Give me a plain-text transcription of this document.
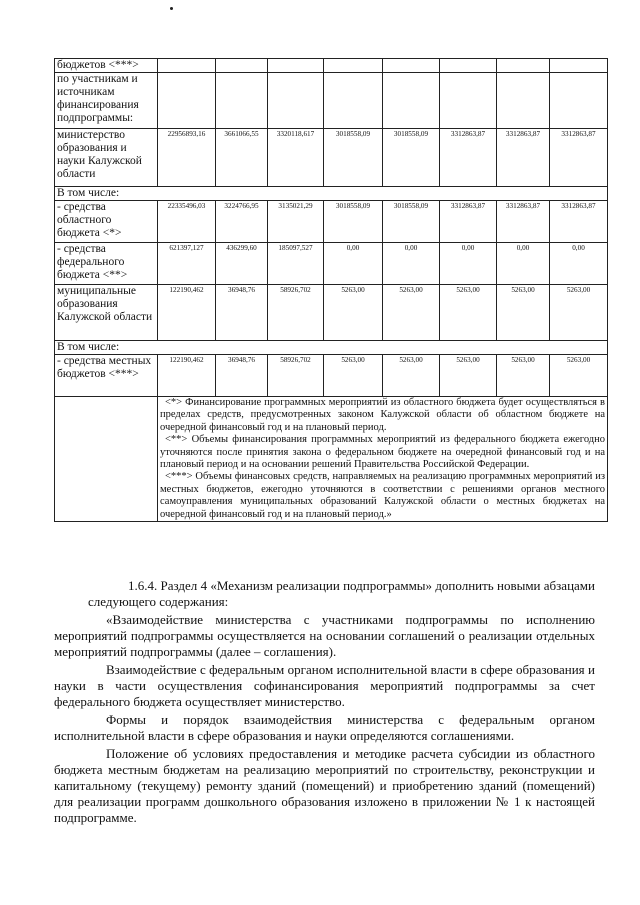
бюджетов <***>								
по участникам и источникам финансирования подпрограммы:								
министерство образования и науки Калужской области	22956893,16	3661066,55	3320118,617	3018558,09	3018558,09	3312863,87	3312863,87	3312863,87
В том числе:								
- средства областного бюджета <*>	22335496,03	3224766,95	3135021,29	3018558,09	3018558,09	3312863,87	3312863,87	3312863,87
- средства федерального бюджета <**>	621397,127	436299,60	185097,527	0,00	0,00	0,00	0,00	0,00
муниципальные образования Калужской области	122190,462	36948,76	58926,702	5263,00	5263,00	5263,00	5263,00	5263,00
В том числе:								
- средства местных бюджетов <***>	122190,462	36948,76	58926,702	5263,00	5263,00	5263,00	5263,00	5263,00

	<*> Финансирование программных мероприятий из областного бюджета будет осуществляться в пределах средств, предусмотренных законом Калужской области об областном бюджете на очередной финансовый год и на плановый период.

<**> Объемы финансирования программных мероприятий из федерального бюджета ежегодно уточняются после принятия закона о федеральном бюджете на очередной финансовый год и на плановый период и на основании решений Правительства Российской Федерации.

<***> Объемы финансовых средств, направляемых на реализацию программных мероприятий из местных бюджетов, ежегодно уточняются в соответствии с решениями органов местного самоуправления муниципальных образований Калужской области о местных бюджетах на очередной финансовый год и на плановый период.»							

1.6.4. Раздел 4 «Механизм реализации подпрограммы» дополнить новыми абзацами следующего содержания:

«Взаимодействие министерства с участниками подпрограммы по исполнению мероприятий подпрограммы осуществляется на основании соглашений о реализации отдельных мероприятий подпрограммы (далее – соглашения).

Взаимодействие с федеральным органом исполнительной власти в сфере образования и науки в части осуществления софинансирования мероприятий подпрограммы за счет федерального бюджета осуществляет министерство.

Формы и порядок взаимодействия министерства с федеральным органом исполнительной власти в сфере образования и науки определяются соглашениями.

Положение об условиях предоставления и методике расчета субсидии из областного бюджета местным бюджетам на реализацию мероприятий по строительству, реконструкции и капитальному (текущему) ремонту зданий (помещений) и приобретению зданий (помещений) для реализации программ дошкольного образования изложено в приложении № 1 к настоящей подпрограмме.
